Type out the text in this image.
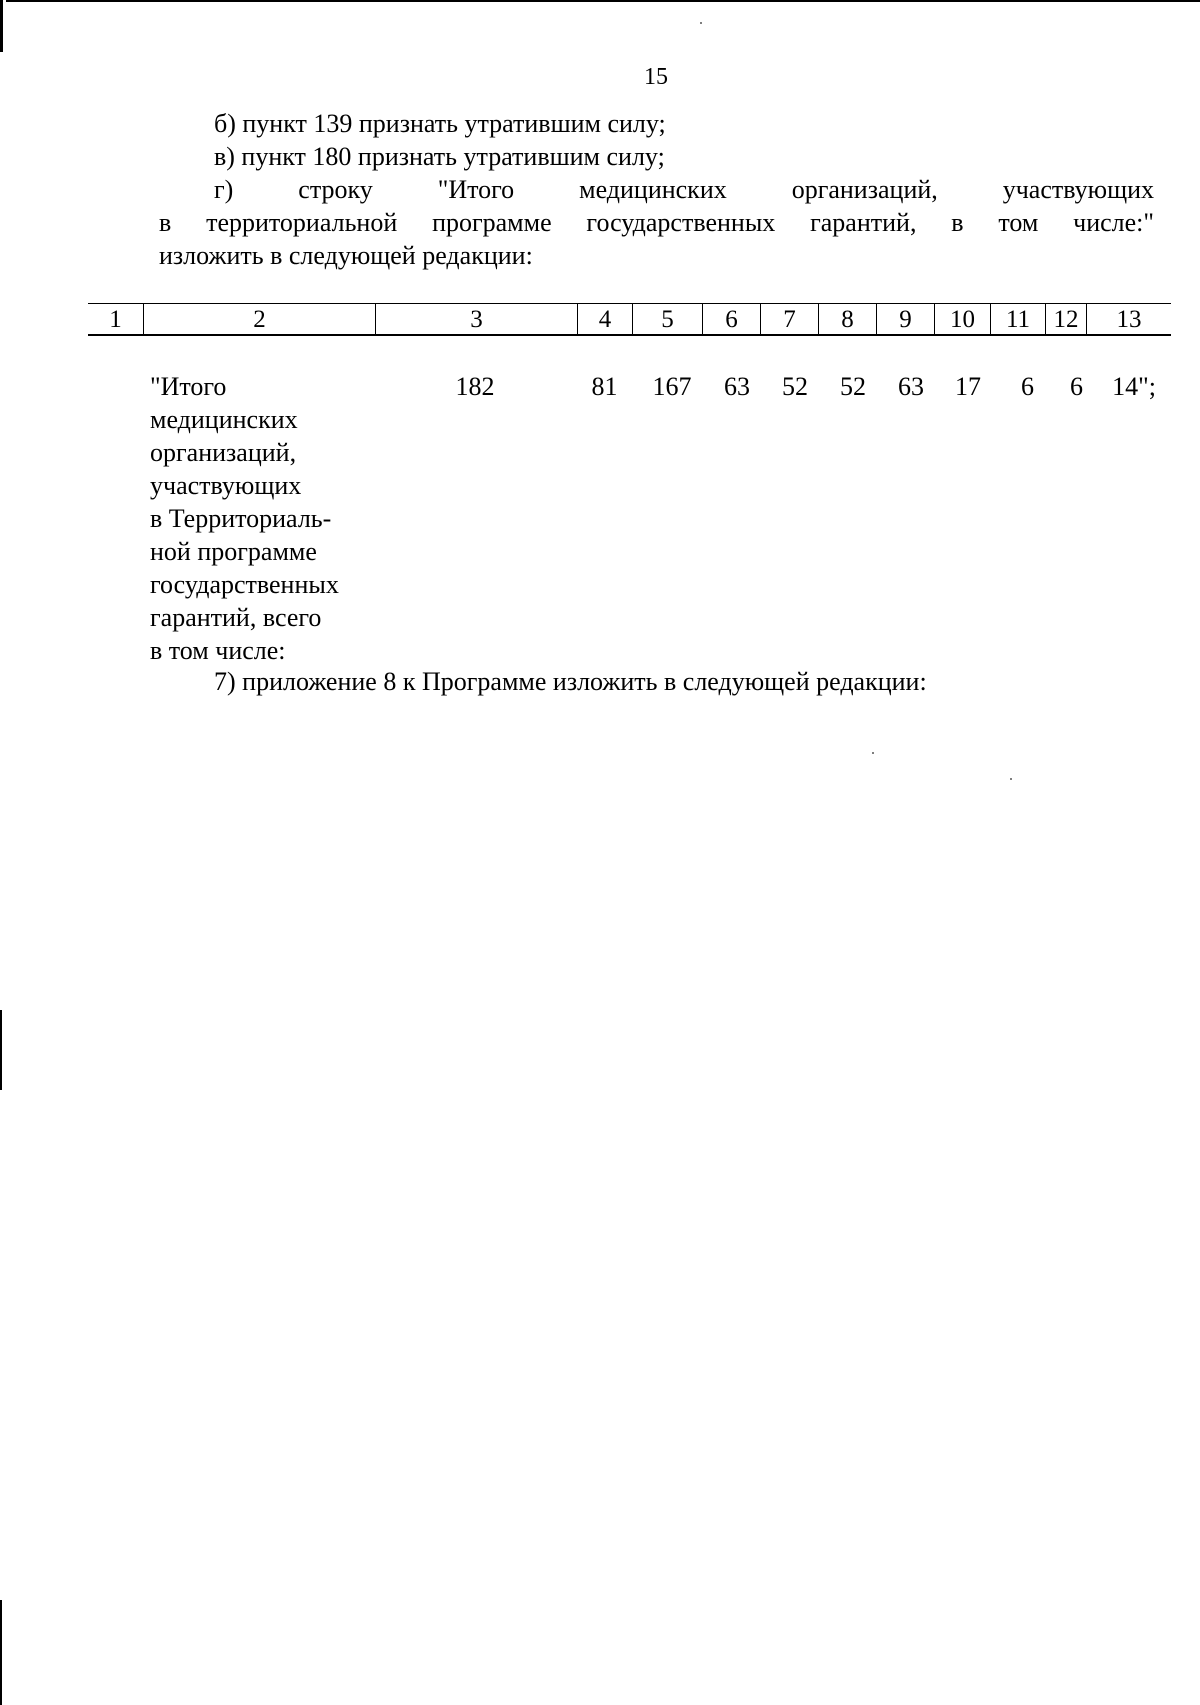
15
б) пункт 139 признать утратившим силу;
в) пункт 180 признать утратившим силу;
г) строку "Итого медицинских организаций, участвующих
в территориальной программе государственных гарантий, в том числе:"
изложить в следующей редакции:
1	2	3	4	5	6	7	8	9	10	11 12	13
"Итого
медицинских
организаций,
участвующих
в Территориаль-
ной программе
государственных
гарантий, всего
в том числе:
182	81	167	63	52	52	63	17	6	6	14";
7) приложение 8 к Программе изложить в следующей редакции:
